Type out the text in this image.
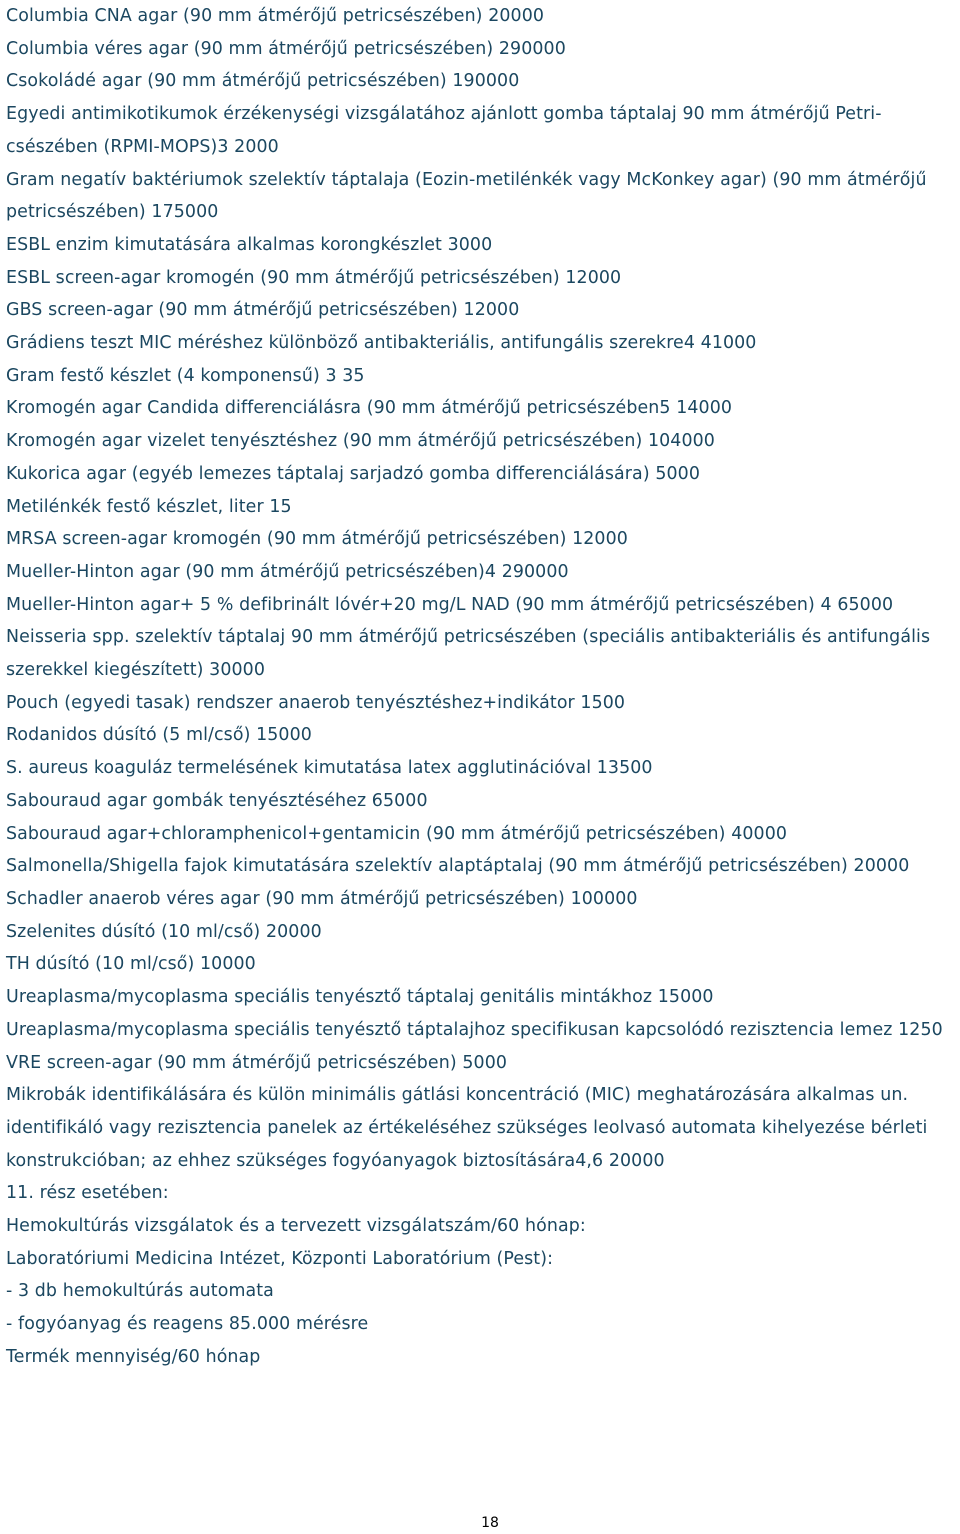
Columbia CNA agar (90 mm átmérőjű petricsészében) 20000

Columbia véres agar (90 mm átmérőjű petricsészében) 290000

Csokoládé agar (90 mm átmérőjű petricsészében) 190000

Egyedi antimikotikumok érzékenységi vizsgálatához ajánlott gomba táptalaj 90 mm átmérőjű Petri-csészében (RPMI-MOPS)3 2000

Gram negatív baktériumok szelektív táptalaja (Eozin-metilénkék vagy McKonkey agar) (90 mm átmérőjű petricsészében) 175000

ESBL enzim kimutatására alkalmas korongkészlet 3000

ESBL screen-agar kromogén (90 mm átmérőjű petricsészében) 12000

GBS screen-agar (90 mm átmérőjű petricsészében) 12000

Grádiens teszt MIC méréshez különböző antibakteriális, antifungális szerekre4 41000

Gram festő készlet (4 komponensű) 3 35

Kromogén agar Candida differenciálásra (90 mm átmérőjű petricsészében5 14000

Kromogén agar vizelet tenyésztéshez (90 mm átmérőjű petricsészében) 104000

Kukorica agar (egyéb lemezes táptalaj sarjadzó gomba differenciálására) 5000

Metilénkék festő készlet, liter 15

MRSA screen-agar kromogén (90 mm átmérőjű petricsészében) 12000

Mueller-Hinton agar (90 mm átmérőjű petricsészében)4 290000

Mueller-Hinton agar+ 5 % defibrinált lóvér+20 mg/L NAD (90 mm átmérőjű petricsészében) 4 65000

Neisseria spp. szelektív táptalaj 90 mm átmérőjű petricsészében (speciális antibakteriális és antifungális szerekkel kiegészített) 30000

Pouch (egyedi tasak) rendszer anaerob tenyésztéshez+indikátor 1500

Rodanidos dúsító (5 ml/cső) 15000

S. aureus koaguláz termelésének kimutatása latex agglutinációval 13500

Sabouraud agar gombák tenyésztéséhez 65000

Sabouraud agar+chloramphenicol+gentamicin (90 mm átmérőjű petricsészében) 40000

Salmonella/Shigella fajok kimutatására szelektív alaptáptalaj (90 mm átmérőjű petricsészében) 20000

Schadler anaerob véres agar (90 mm átmérőjű petricsészében) 100000

Szelenites dúsító (10 ml/cső) 20000

TH dúsító (10 ml/cső) 10000

Ureaplasma/mycoplasma speciális tenyésztő táptalaj genitális mintákhoz 15000

Ureaplasma/mycoplasma speciális tenyésztő táptalajhoz specifikusan kapcsolódó rezisztencia lemez 1250

VRE screen-agar (90 mm átmérőjű petricsészében) 5000

Mikrobák identifikálására és külön minimális gátlási koncentráció (MIC) meghatározására alkalmas un. identifikáló vagy rezisztencia panelek az értékeléséhez szükséges leolvasó automata kihelyezése bérleti konstrukcióban; az ehhez szükséges fogyóanyagok biztosítására4,6 20000

11. rész esetében:

Hemokultúrás vizsgálatok és a tervezett vizsgálatszám/60 hónap:

Laboratóriumi Medicina Intézet, Központi Laboratórium (Pest):

- 3 db hemokultúrás automata

- fogyóanyag és reagens 85.000 mérésre

Termék mennyiség/60 hónap

18
